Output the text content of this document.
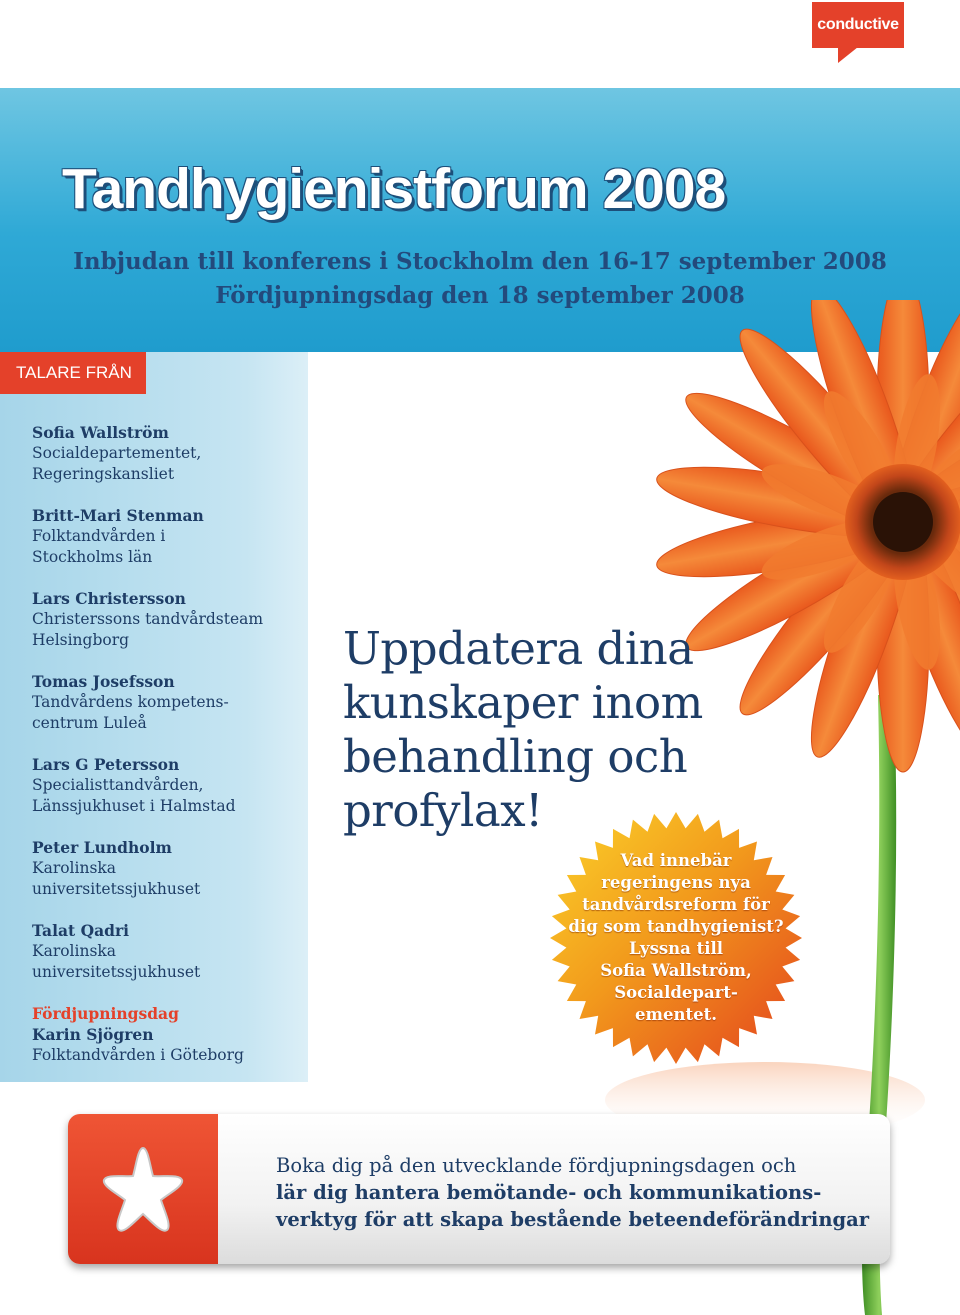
conductive
Tandhygienistforum 2008
Inbjudan till konferens i Stockholm den 16-17 september 2008
Fördjupningsdag den 18 september 2008
TALARE FRÅN
Sofia Wallström
Socialdepartementet,
Regeringskansliet
Britt-Mari Stenman
Folktandvården i
Stockholms län
Lars Christersson
Christerssons tandvårdsteam
Helsingborg
Tomas Josefsson
Tandvårdens kompetens-
centrum Luleå
Lars G Petersson
Specialisttandvården,
Länssjukhuset i Halmstad
Peter Lundholm
Karolinska
universitetssjukhuset
Talat Qadri
Karolinska
universitetssjukhuset
Fördjupningsdag
Karin Sjögren
Folktandvården i Göteborg
Uppdatera dina
kunskaper inom
behandling och
profylax!
Vad innebär
regeringens nya
tandvårdsreform för
dig som tandhygienist?
Lyssna till
Sofia Wallström,
Socialdepart-
ementet.
Boka dig på den utvecklande fördjupningsdagen och
lär dig hantera bemötande- och kommunikations-
verktyg för att skapa bestående beteendeförändringar
